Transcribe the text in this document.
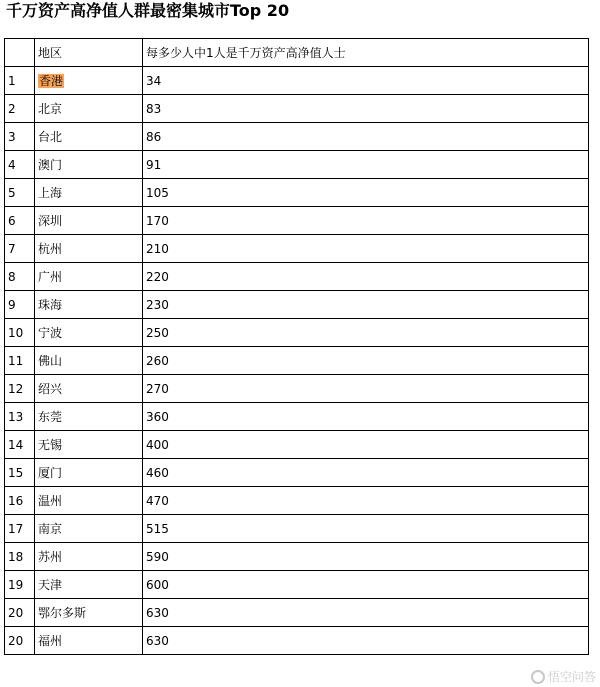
千万资产高净值人群最密集城市Top 20
	地区	每多少人中1人是千万资产高净值人士
1	香港	34
2	北京	83
3	台北	86
4	澳门	91
5	上海	105
6	深圳	170
7	杭州	210
8	广州	220
9	珠海	230
10	宁波	250
11	佛山	260
12	绍兴	270
13	东莞	360
14	无锡	400
15	厦门	460
16	温州	470
17	南京	515
18	苏州	590
19	天津	600
20	鄂尔多斯	630
20	福州	630
悟空问答
